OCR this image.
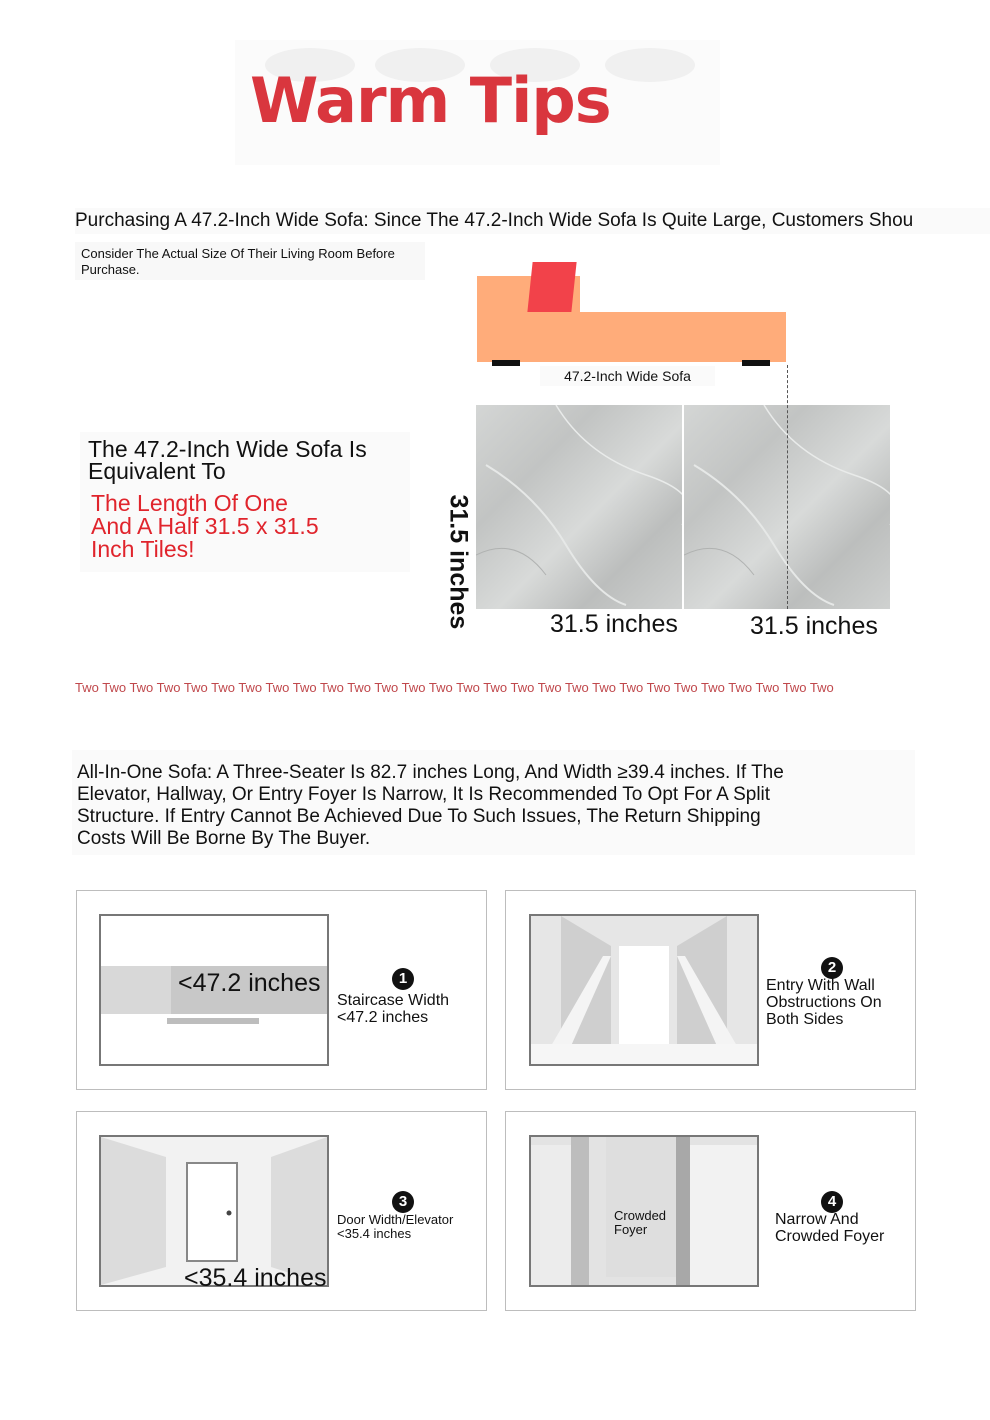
Warm Tips
Purchasing A 47.2-Inch Wide Sofa: Since The 47.2-Inch Wide Sofa Is Quite Large, Customers Shou
Consider The Actual Size Of Their Living Room Before Purchase.
47.2-Inch Wide Sofa
31.5 inches	31.5 inches	31.5 inches
The 47.2-Inch Wide Sofa Is Equivalent To
The Length Of One And A Half 31.5 x 31.5 Inch Tiles!
Two Two Two Two Two Two Two Two Two Two Two Two Two Two Two Two Two Two Two Two Two Two Two Two Two Two Two Two
All-In-One Sofa: A Three-Seater Is 82.7 inches Long, And Width ≥39.4 inches. If The Elevator, Hallway, Or Entry Foyer Is Narrow, It Is Recommended To Opt For A Split Structure. If Entry Cannot Be Achieved Due To Such Issues, The Return Shipping Costs Will Be Borne By The Buyer.
<47.2 inches	1
Staircase Width <47.2 inches
2
Entry With Wall Obstructions On Both Sides
<35.4 inches
3
Door Width/Elevator <35.4 inches
Crowded Foyer
4
Narrow And Crowded Foyer
